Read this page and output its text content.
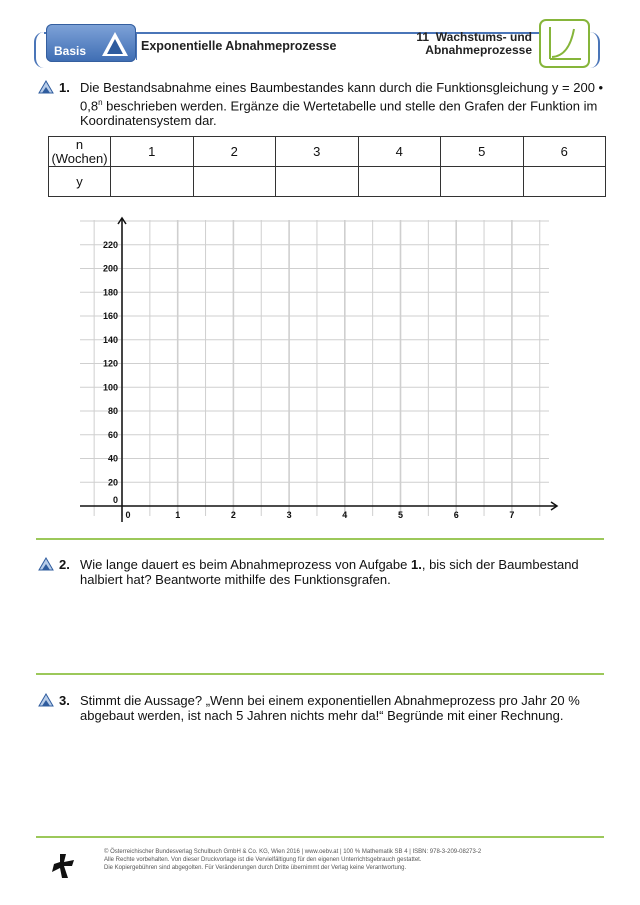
Basis	Exponentielle Abnahmeprozesse
11 Wachstums- und
Abnahmeprozesse
1. Die Bestandsabnahme eines Baumbestandes kann durch die Funktionsgleichung y = 200 •
0,8$^n$ beschrieben werden. Ergänze die Wertetabelle und stelle den Grafen der Funktion im
Koordinatensystem dar.
n
(Wochen)	1	2	3	4	5	6
y						
0	1	2	3	4	5	6	7
0
20
40
60
80
100
120
140
160
180
200
220
2. Wie lange dauert es beim Abnahmeprozess von Aufgabe 1., bis sich der Baumbestand
halbiert hat? Beantworte mithilfe des Funktionsgrafen.
3. Stimmt die Aussage? „Wenn bei einem exponentiellen Abnahmeprozess pro Jahr 20 %
abgebaut werden, ist nach 5 Jahren nichts mehr da!“ Begründe mit einer Rechnung.
© Österreichischer Bundesverlag Schulbuch GmbH & Co. KG, Wien 2016 | www.oebv.at | 100 % Mathematik SB 4 | ISBN: 978-3-209-08273-2
Alle Rechte vorbehalten. Von dieser Druckvorlage ist die Vervielfältigung für den eigenen Unterrichtsgebrauch gestattet.
Die Kopiergebühren sind abgegolten. Für Veränderungen durch Dritte übernimmt der Verlag keine Verantwortung.
